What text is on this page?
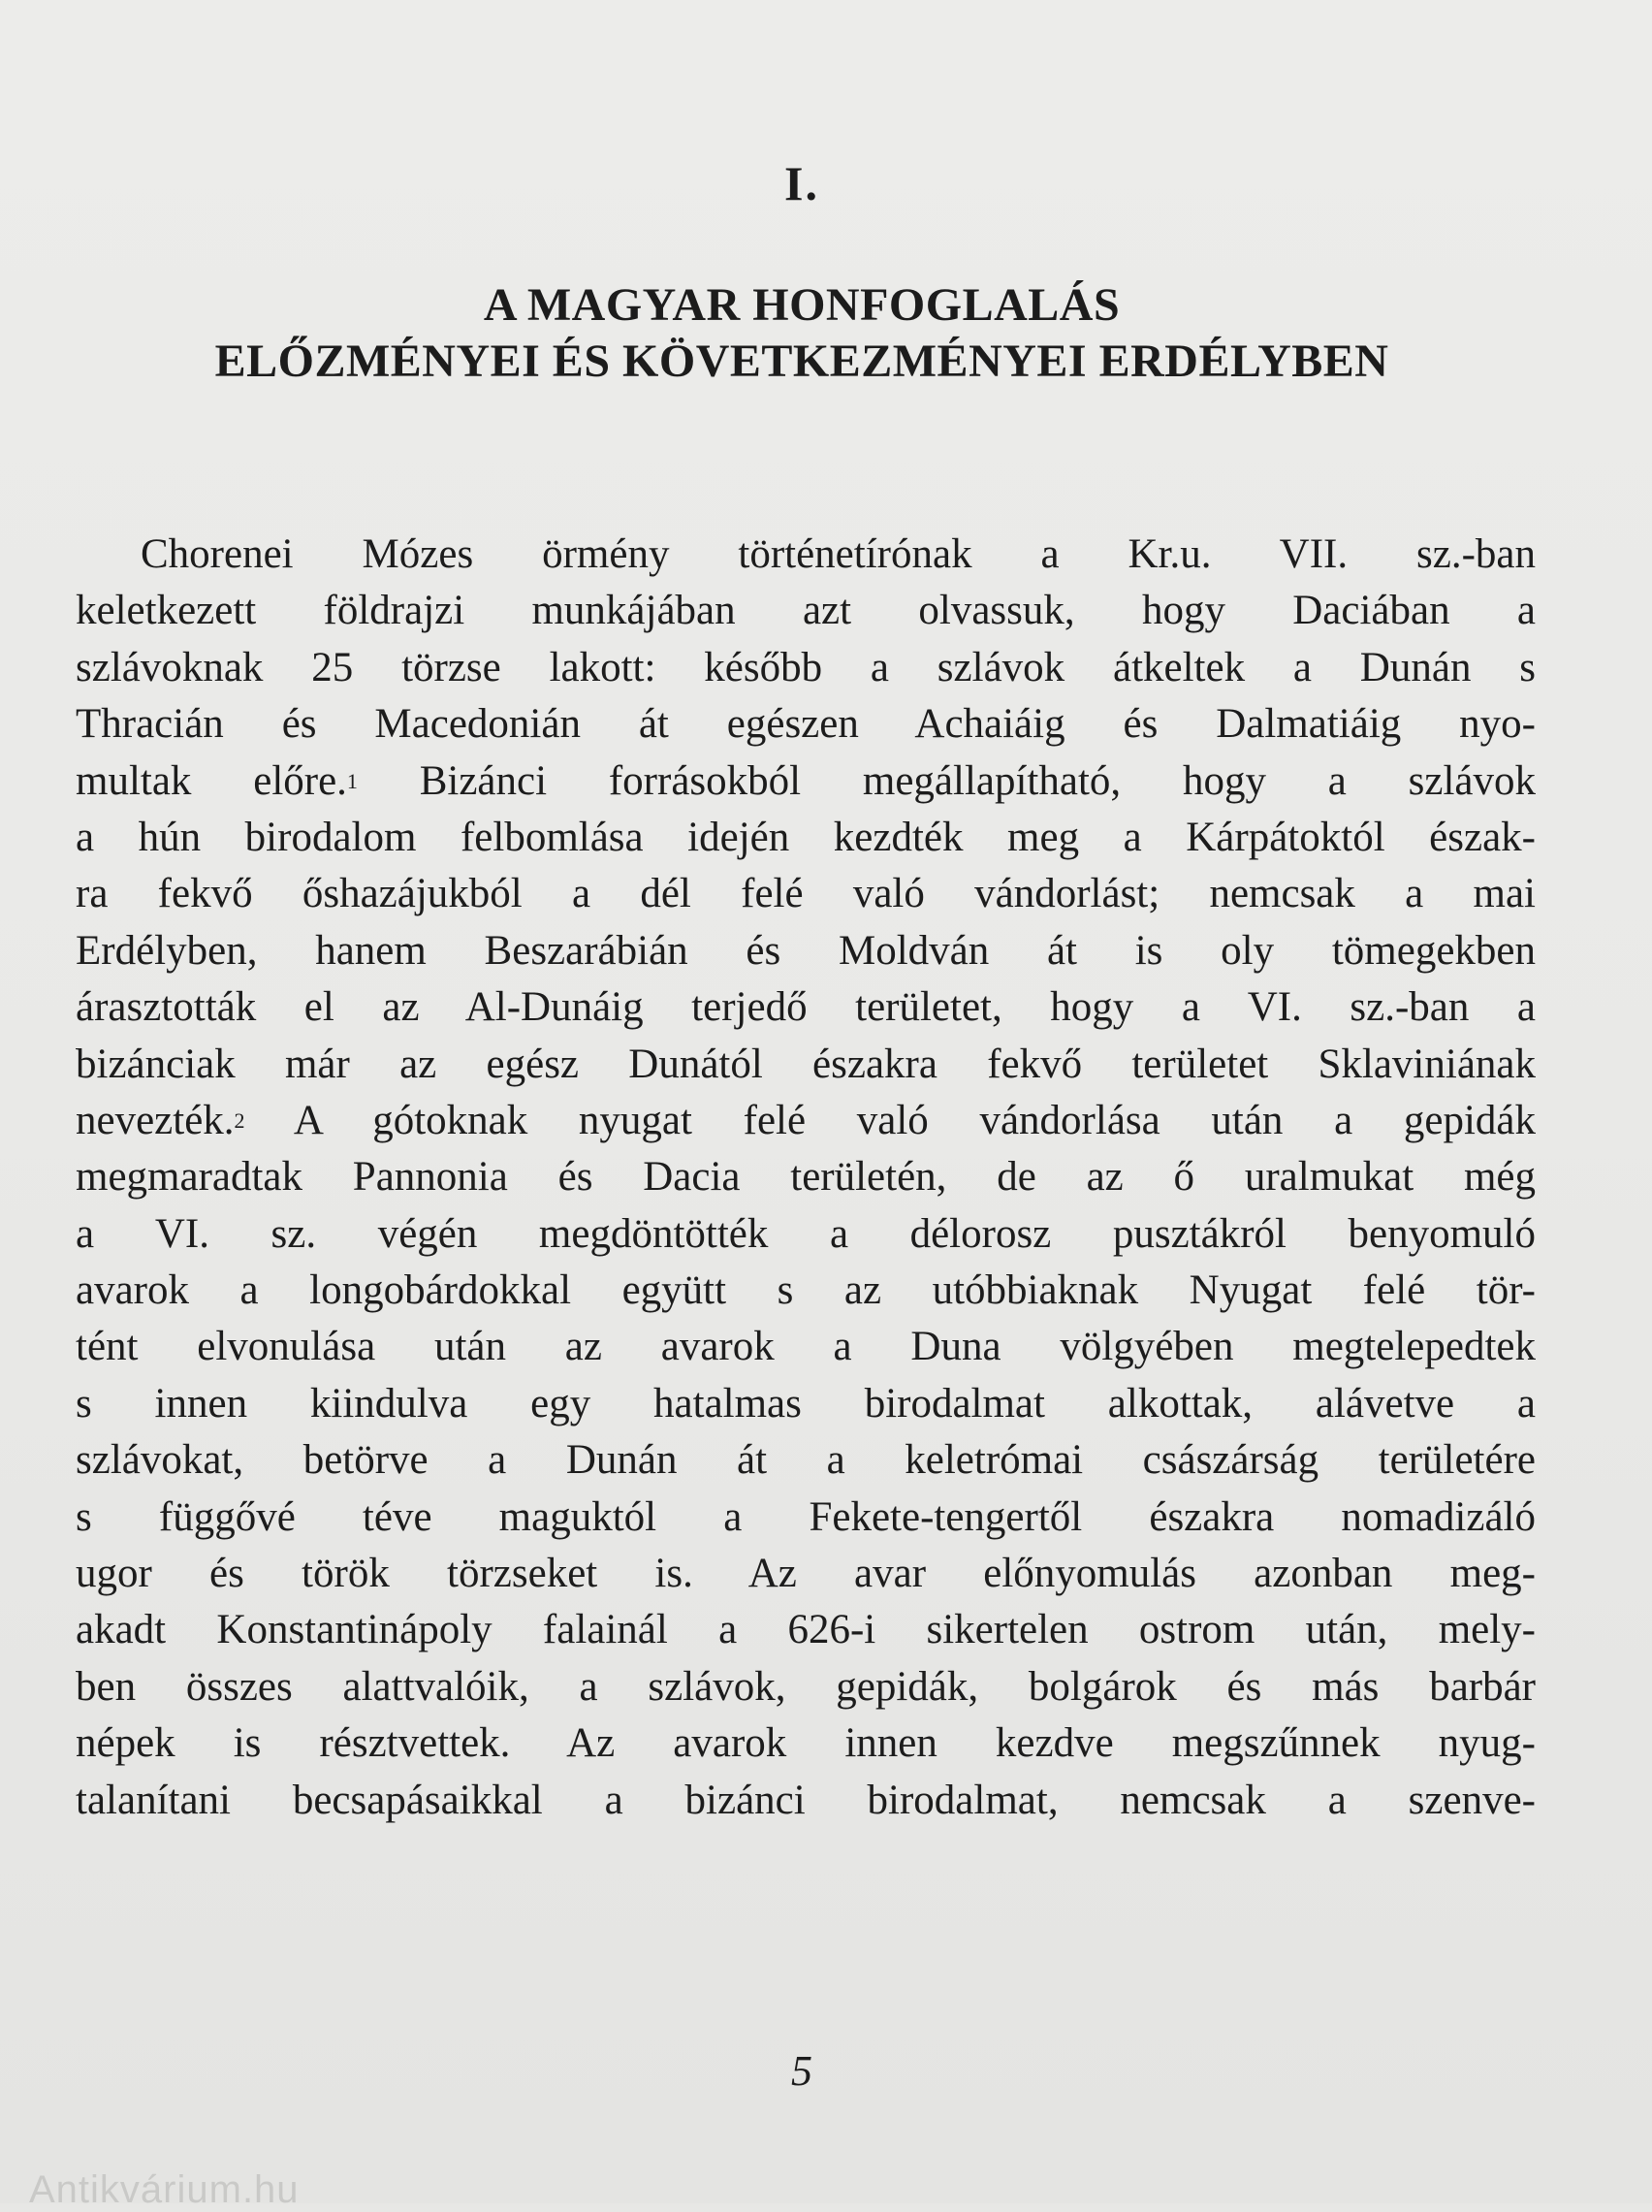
I.
A MAGYAR HONFOGLALÁS
ELŐZMÉNYEI ÉS KÖVETKEZMÉNYEI ERDÉLYBEN
Chorenei Mózes örmény történetírónak a Kr.u. VII. sz.-ban
keletkezett földrajzi munkájában azt olvassuk, hogy Daciában a
szlávoknak 25 törzse lakott: később a szlávok átkeltek a Dunán s
Thracián és Macedonián át egészen Achaiáig és Dalmatiáig nyo-
multak előre.$^1$ Bizánci forrásokból megállapítható, hogy a szlávok
a hún birodalom felbomlása idején kezdték meg a Kárpátoktól észak-
ra fekvő őshazájukból a dél felé való vándorlást; nemcsak a mai
Erdélyben, hanem Beszarábián és Moldván át is oly tömegekben
árasztották el az Al-Dunáig terjedő területet, hogy a VI. sz.-ban a
bizánciak már az egész Dunától északra fekvő területet Sklaviniának
nevezték.$^2$ A gótoknak nyugat felé való vándorlása után a gepidák
megmaradtak Pannonia és Dacia területén, de az ő uralmukat még
a VI. sz. végén megdöntötték a délorosz pusztákról benyomuló
avarok a longobárdokkal együtt s az utóbbiaknak Nyugat felé tör-
tént elvonulása után az avarok a Duna völgyében megtelepedtek
s innen kiindulva egy hatalmas birodalmat alkottak, alávetve a
szlávokat, betörve a Dunán át a keletrómai császárság területére
s függővé téve maguktól a Fekete-tengertől északra nomadizáló
ugor és török törzseket is. Az avar előnyomulás azonban meg-
akadt Konstantinápoly falainál a 626-i sikertelen ostrom után, mely-
ben összes alattvalóik, a szlávok, gepidák, bolgárok és más barbár
népek is résztvettek. Az avarok innen kezdve megszűnnek nyug-
talanítani becsapásaikkal a bizánci birodalmat, nemcsak a szenve-
5
Antikvárium.hu
